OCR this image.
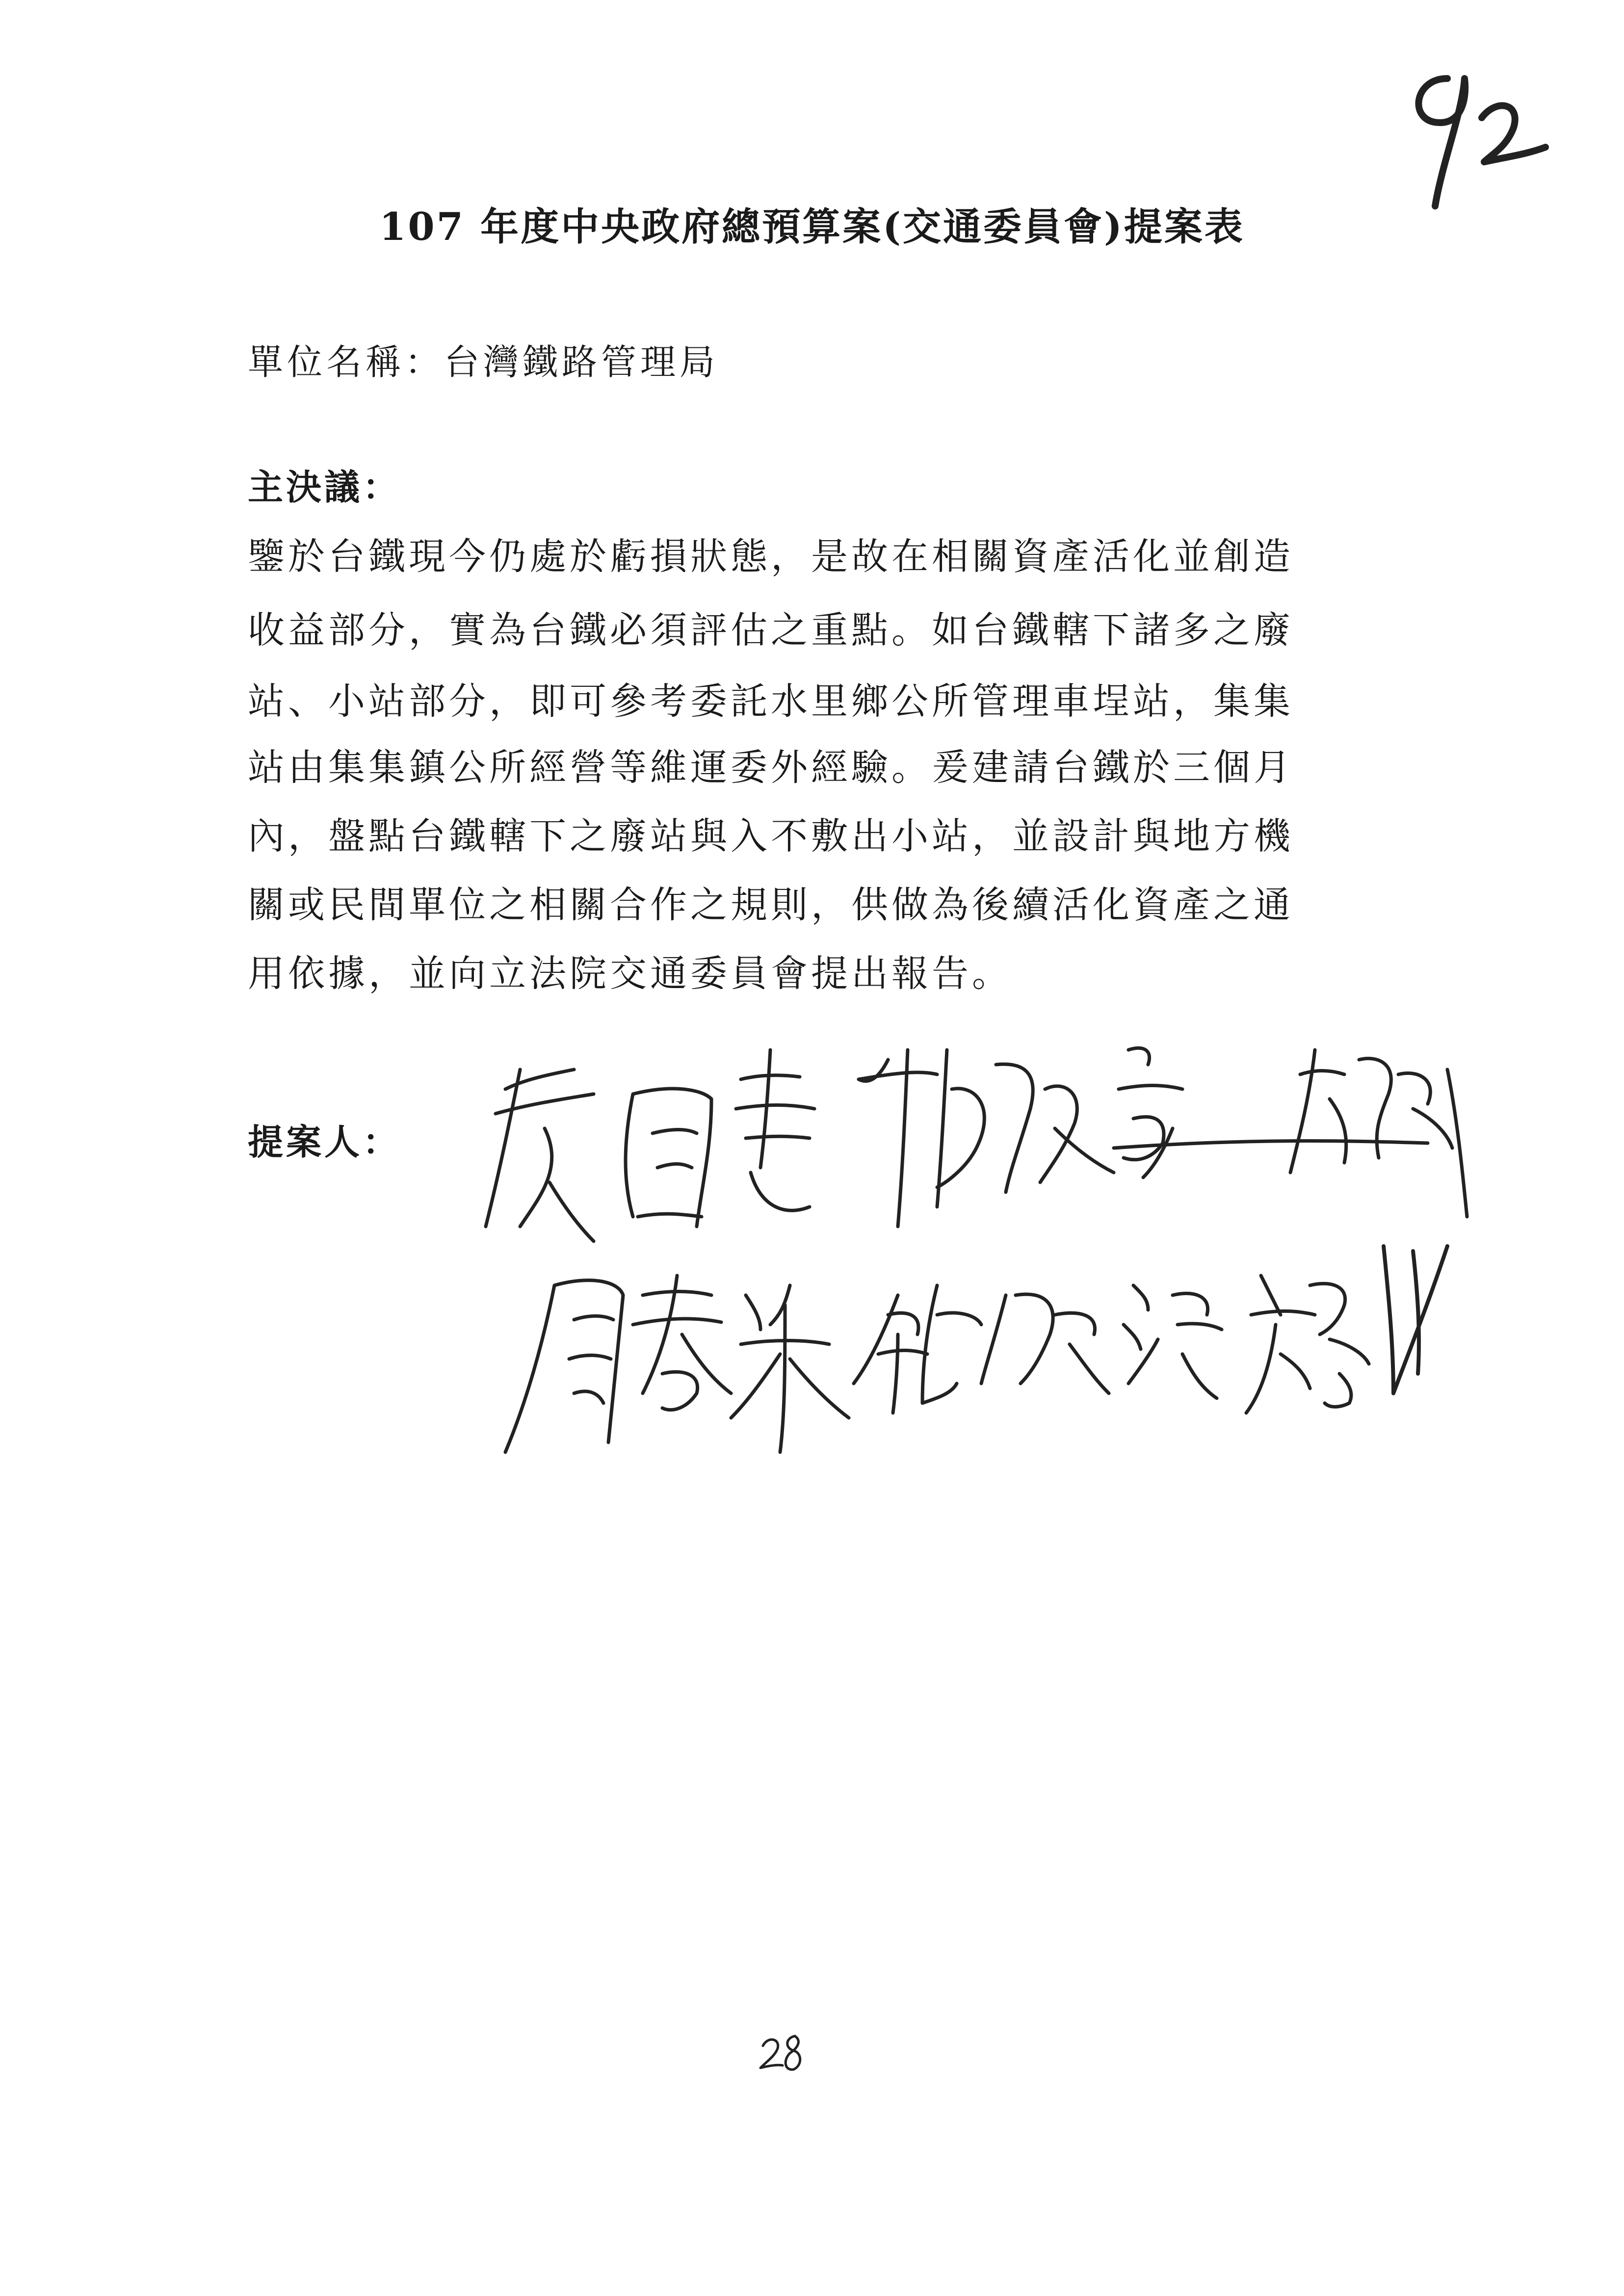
107 年度中央政府總預算案(交通委員會)提案表
單位名稱：台灣鐵路管理局
主決議：
鑒於台鐵現今仍處於虧損狀態，是故在相關資產活化並創造
收益部分，實為台鐵必須評估之重點。如台鐵轄下諸多之廢
站、小站部分，即可參考委託水里鄉公所管理車埕站，集集
站由集集鎮公所經營等維運委外經驗。爰建請台鐵於三個月
內，盤點台鐵轄下之廢站與入不敷出小站，並設計與地方機
關或民間單位之相關合作之規則，供做為後續活化資產之通
用依據，並向立法院交通委員會提出報告。
提案人：
